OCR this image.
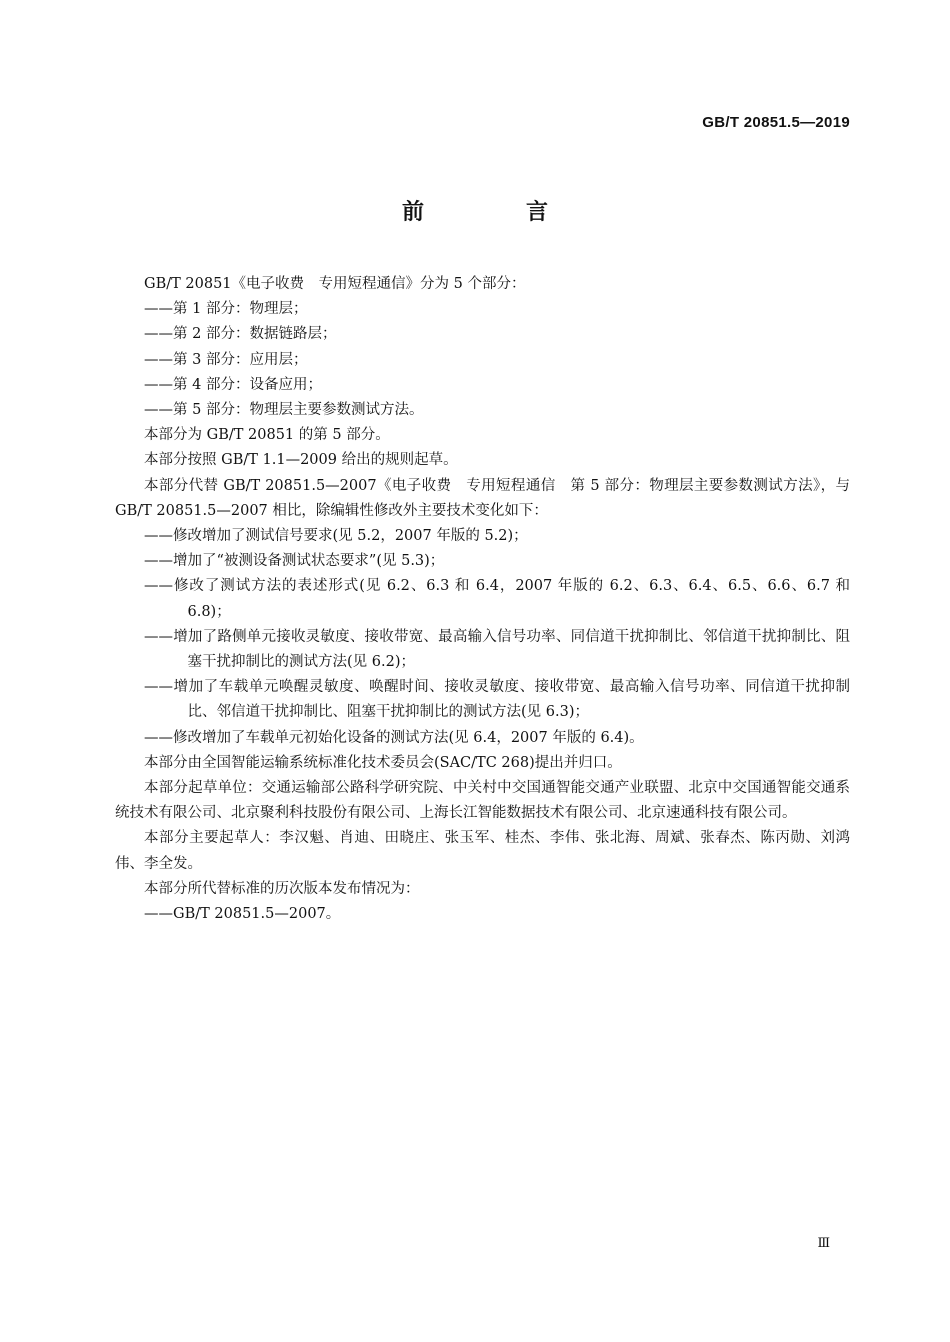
GB/T 20851.5—2019
前　言

GB/T 20851《电子收费　专用短程通信》分为 5 个部分：

——第 1 部分：物理层；

——第 2 部分：数据链路层；

——第 3 部分：应用层；

——第 4 部分：设备应用；

——第 5 部分：物理层主要参数测试方法。

本部分为 GB/T 20851 的第 5 部分。

本部分按照 GB/T 1.1—2009 给出的规则起草。

本部分代替 GB/T 20851.5—2007《电子收费　专用短程通信　第 5 部分：物理层主要参数测试方法》，与 GB/T 20851.5—2007 相比，除编辑性修改外主要技术变化如下：

——修改增加了测试信号要求(见 5.2，2007 年版的 5.2)；

——增加了“被测设备测试状态要求”(见 5.3)；

——修改了测试方法的表述形式(见 6.2、6.3 和 6.4，2007 年版的 6.2、6.3、6.4、6.5、6.6、6.7 和 6.8)；

——增加了路侧单元接收灵敏度、接收带宽、最高输入信号功率、同信道干扰抑制比、邻信道干扰抑制比、阻塞干扰抑制比的测试方法(见 6.2)；

——增加了车载单元唤醒灵敏度、唤醒时间、接收灵敏度、接收带宽、最高输入信号功率、同信道干扰抑制比、邻信道干扰抑制比、阻塞干扰抑制比的测试方法(见 6.3)；

——修改增加了车载单元初始化设备的测试方法(见 6.4，2007 年版的 6.4)。

本部分由全国智能运输系统标准化技术委员会(SAC/TC 268)提出并归口。

本部分起草单位：交通运输部公路科学研究院、中关村中交国通智能交通产业联盟、北京中交国通智能交通系统技术有限公司、北京聚利科技股份有限公司、上海长江智能数据技术有限公司、北京速通科技有限公司。

本部分主要起草人：李汉魁、肖迪、田晓庄、张玉军、桂杰、李伟、张北海、周斌、张春杰、陈丙勋、刘鸿伟、李全发。

本部分所代替标准的历次版本发布情况为：

——GB/T 20851.5—2007。

Ⅲ
